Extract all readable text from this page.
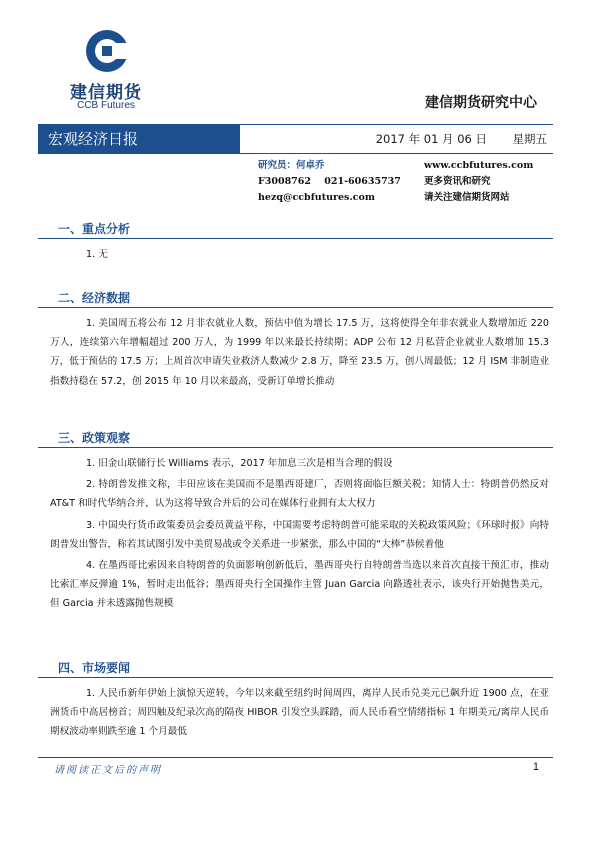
建信期货
CCB Futures	建信期货研究中心
宏观经济日报	2017 年 01 月 06 日 星期五
研究员：何卓乔
F3008762 021-60635737
hezq@ccbfutures.com
www.ccbfutures.com
更多资讯和研究
请关注建信期货网站
一、重点分析

1. 无

二、经济数据

1. 美国周五将公布 12 月非农就业人数，预估中值为增长 17.5 万，这将使得全年非农就业人数增加近 220 万人，连续第六年增幅超过 200 万人，为 1999 年以来最长持续期；ADP 公布 12 月私营企业就业人数增加 15.3 万，低于预估的 17.5 万；上周首次申请失业救济人数减少 2.8 万，降至 23.5 万，创八周最低；12 月 ISM 非制造业指数持稳在 57.2，创 2015 年 10 月以来最高，受新订单增长推动

三、政策观察

1. 旧金山联储行长 Williams 表示，2017 年加息三次是相当合理的假设

2. 特朗普发推文称，丰田应该在美国而不是墨西哥建厂，否则将面临巨额关税；知情人士：特朗普仍然反对 AT&T 和时代华纳合并，认为这将导致合并后的公司在媒体行业拥有太大权力

3. 中国央行货币政策委员会委员黄益平称，中国需要考虑特朗普可能采取的关税政策风险；《环球时报》向特朗普发出警告，称若其试图引发中美贸易战或令关系进一步紧张，那么中国的“大棒”恭候着他

4. 在墨西哥比索因来自特朗普的负面影响创新低后，墨西哥央行自特朗普当选以来首次直接干预汇市，推动比索汇率反弹逾 1%，暂时走出低谷；墨西哥央行全国操作主管 Juan Garcia 向路透社表示，该央行开始抛售美元，但 Garcia 并未透露抛售规模

四、市场要闻

1. 人民币新年伊始上演惊天逆转，今年以来截至纽约时间周四，离岸人民币兑美元已飙升近 1900 点，在亚洲货币中高居榜首；周四触及纪录次高的隔夜 HIBOR 引发空头踩踏，而人民币看空情绪指标 1 年期美元/离岸人民币期权波动率则跌至逾 1 个月最低

请阅读正文后的声明	1
